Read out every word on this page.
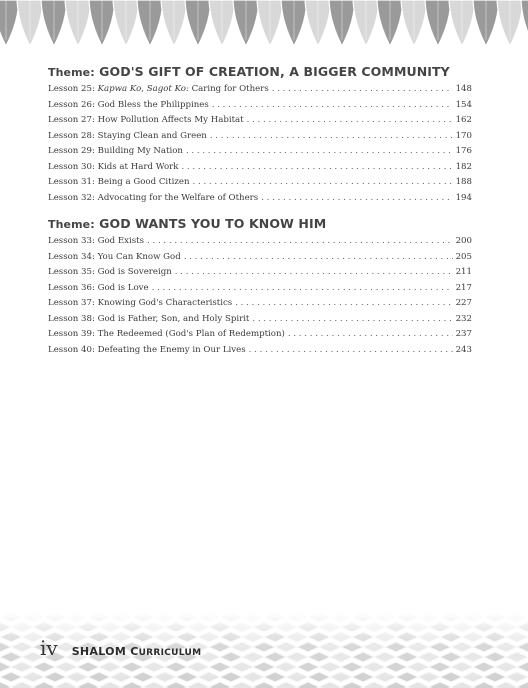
Theme: GOD'S GIFT OF CREATION, A BIGGER COMMUNITY
Lesson 25: Kapwa Ko, Sagot Ko: Caring for Others . . .	148
Lesson 26: God Bless the Philippines . . .	154
Lesson 27: How Pollution Affects My Habitat . . .	162
Lesson 28: Staying Clean and Green . . .	170
Lesson 29: Building My Nation . . .	176
Lesson 30: Kids at Hard Work . . .	182
Lesson 31: Being a Good Citizen . . .	188
Lesson 32: Advocating for the Welfare of Others . . .	194
Theme: GOD WANTS YOU TO KNOW HIM
Lesson 33: God Exists . . .	200
Lesson 34: You Can Know God . . .	205
Lesson 35: God is Sovereign . . .	211
Lesson 36: God is Love . . .	217
Lesson 37: Knowing God's Characteristics . . .	227
Lesson 38: God is Father, Son, and Holy Spirit . . .	232
Lesson 39: The Redeemed (God's Plan of Redemption) . . .	237
Lesson 40: Defeating the Enemy in Our Lives . . .	243
iv SHALOM CURRICULUM
